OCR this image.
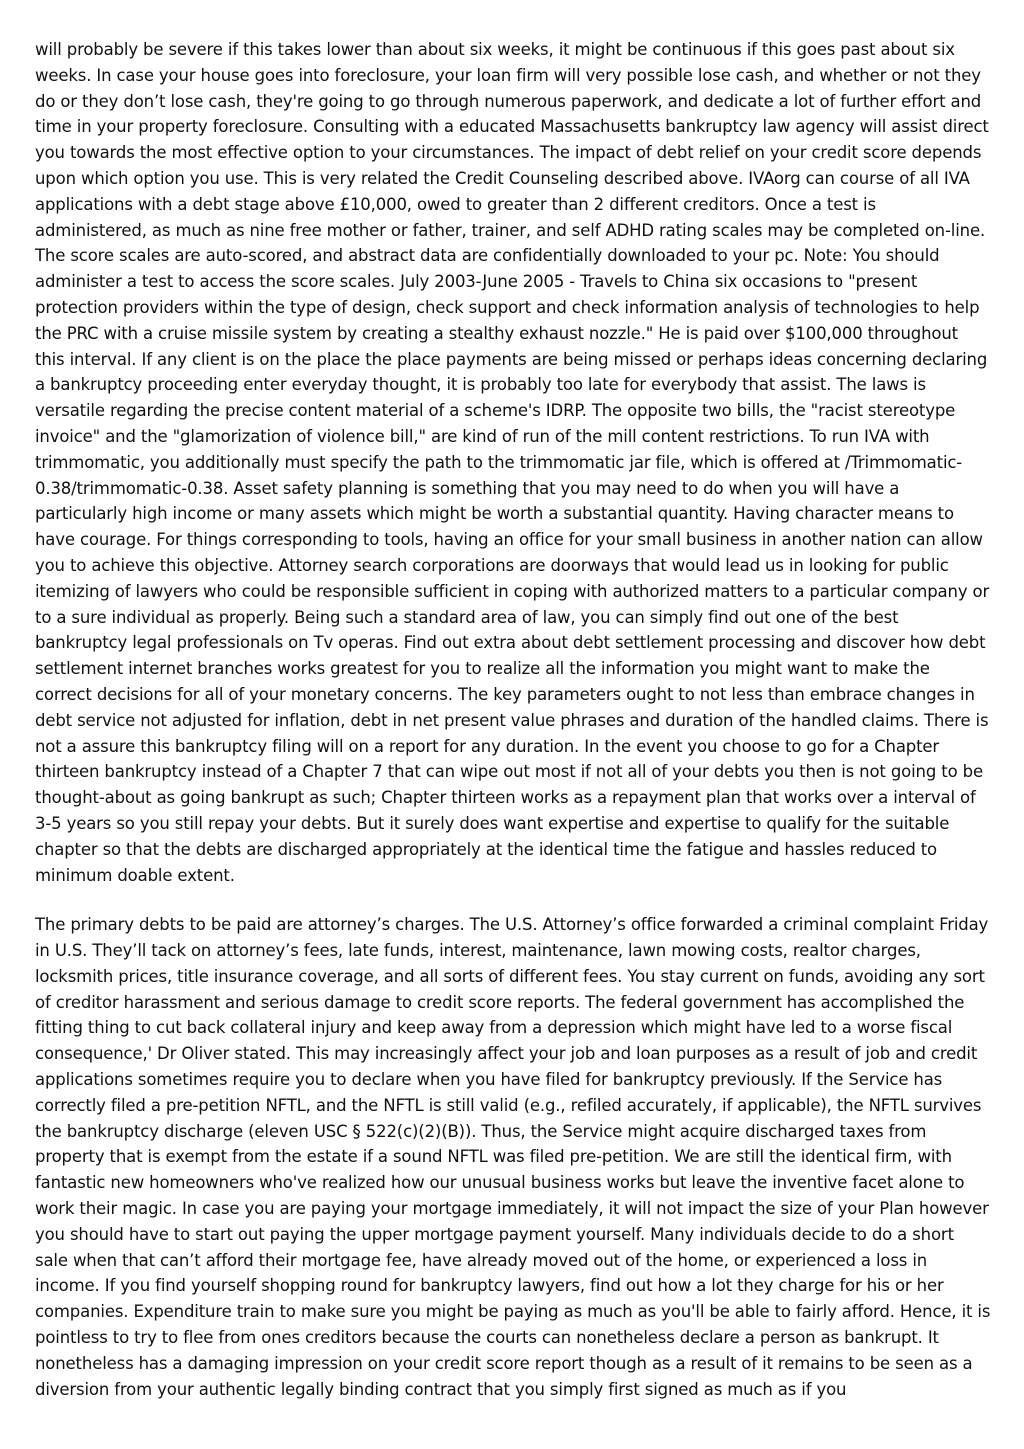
will probably be severe if this takes lower than about six weeks, it might be continuous if this goes past about six weeks. In case your house goes into foreclosure, your loan firm will very possible lose cash, and whether or not they do or they don’t lose cash, they're going to go through numerous paperwork, and dedicate a lot of further effort and time in your property foreclosure. Consulting with a educated Massachusetts bankruptcy law agency will assist direct you towards the most effective option to your circumstances. The impact of debt relief on your credit score depends upon which option you use. This is very related the Credit Counseling described above. IVAorg can course of all IVA applications with a debt stage above £10,000, owed to greater than 2 different creditors. Once a test is administered, as much as nine free mother or father, trainer, and self ADHD rating scales may be completed on-line. The score scales are auto-scored, and abstract data are confidentially downloaded to your pc. Note: You should administer a test to access the score scales. July 2003-June 2005 - Travels to China six occasions to "present protection providers within the type of design, check support and check information analysis of technologies to help the PRC with a cruise missile system by creating a stealthy exhaust nozzle." He is paid over $100,000 throughout this interval. If any client is on the place the place payments are being missed or perhaps ideas concerning declaring a bankruptcy proceeding enter everyday thought, it is probably too late for everybody that assist. The laws is versatile regarding the precise content material of a scheme's IDRP. The opposite two bills, the "racist stereotype invoice" and the "glamorization of violence bill," are kind of run of the mill content restrictions. To run IVA with trimmomatic, you additionally must specify the path to the trimmomatic jar file, which is offered at /Trimmomatic-0.38/trimmomatic-0.38. Asset safety planning is something that you may need to do when you will have a particularly high income or many assets which might be worth a substantial quantity. Having character means to have courage. For things corresponding to tools, having an office for your small business in another nation can allow you to achieve this objective. Attorney search corporations are doorways that would lead us in looking for public itemizing of lawyers who could be responsible sufficient in coping with authorized matters to a particular company or to a sure individual as properly. Being such a standard area of law, you can simply find out one of the best bankruptcy legal professionals on Tv operas. Find out extra about debt settlement processing and discover how debt settlement internet branches works greatest for you to realize all the information you might want to make the correct decisions for all of your monetary concerns. The key parameters ought to not less than embrace changes in debt service not adjusted for inflation, debt in net present value phrases and duration of the handled claims. There is not a assure this bankruptcy filing will on a report for any duration. In the event you choose to go for a Chapter thirteen bankruptcy instead of a Chapter 7 that can wipe out most if not all of your debts you then is not going to be thought-about as going bankrupt as such; Chapter thirteen works as a repayment plan that works over a interval of 3-5 years so you still repay your debts. But it surely does want expertise and expertise to qualify for the suitable chapter so that the debts are discharged appropriately at the identical time the fatigue and hassles reduced to minimum doable extent.

The primary debts to be paid are attorney’s charges. The U.S. Attorney’s office forwarded a criminal complaint Friday in U.S. They’ll tack on attorney’s fees, late funds, interest, maintenance, lawn mowing costs, realtor charges, locksmith prices, title insurance coverage, and all sorts of different fees. You stay current on funds, avoiding any sort of creditor harassment and serious damage to credit score reports. The federal government has accomplished the fitting thing to cut back collateral injury and keep away from a depression which might have led to a worse fiscal consequence,' Dr Oliver stated. This may increasingly affect your job and loan purposes as a result of job and credit applications sometimes require you to declare when you have filed for bankruptcy previously. If the Service has correctly filed a pre-petition NFTL, and the NFTL is still valid (e.g., refiled accurately, if applicable), the NFTL survives the bankruptcy discharge (eleven USC § 522(c)(2)(B)). Thus, the Service might acquire discharged taxes from property that is exempt from the estate if a sound NFTL was filed pre-petition. We are still the identical firm, with fantastic new homeowners who've realized how our unusual business works but leave the inventive facet alone to work their magic. In case you are paying your mortgage immediately, it will not impact the size of your Plan however you should have to start out paying the upper mortgage payment yourself. Many individuals decide to do a short sale when that can’t afford their mortgage fee, have already moved out of the home, or experienced a loss in income. If you find yourself shopping round for bankruptcy lawyers, find out how a lot they charge for his or her companies. Expenditure train to make sure you might be paying as much as you'll be able to fairly afford. Hence, it is pointless to try to flee from ones creditors because the courts can nonetheless declare a person as bankrupt. It nonetheless has a damaging impression on your credit score report though as a result of it remains to be seen as a diversion from your authentic legally binding contract that you simply first signed as much as if you
